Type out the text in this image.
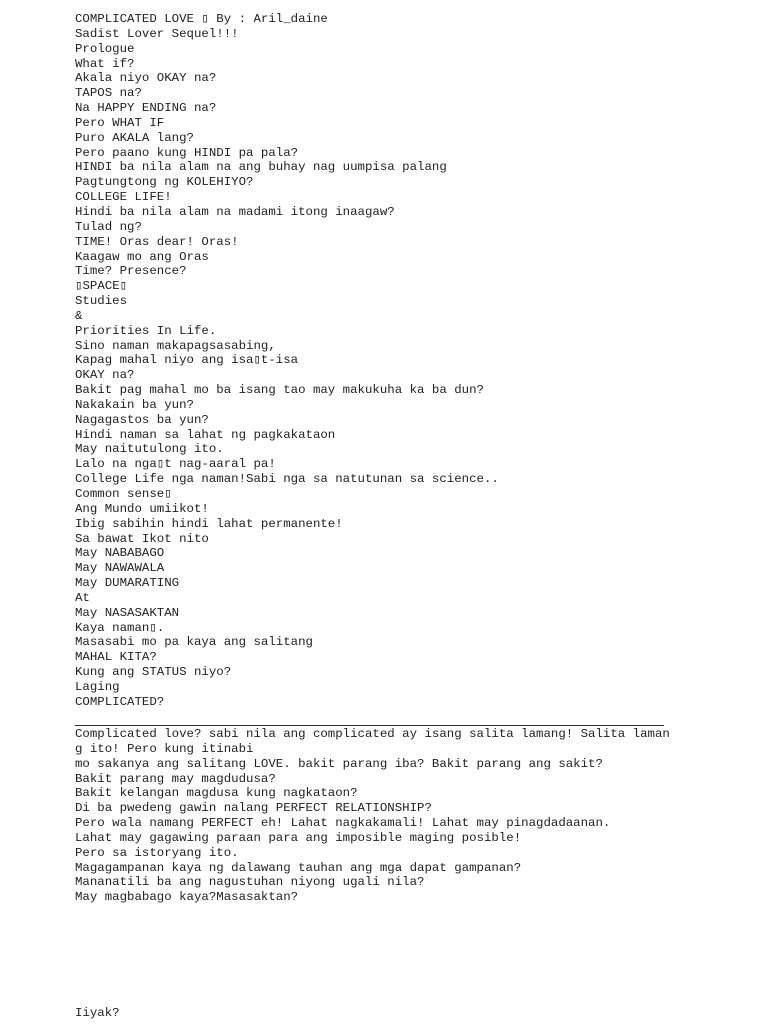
COMPLICATED LOVE ▯ By : Aril_daine
Sadist Lover Sequel!!!
Prologue
What if?
Akala niyo OKAY na?
TAPOS na?
Na HAPPY ENDING na?
Pero WHAT IF
Puro AKALA lang?
Pero paano kung HINDI pa pala?
HINDI ba nila alam na ang buhay nag uumpisa palang
Pagtungtong ng KOLEHIYO?
COLLEGE LIFE!
Hindi ba nila alam na madami itong inaagaw?
Tulad ng?
TIME! Oras dear! Oras!
Kaagaw mo ang Oras
Time? Presence?
▯SPACE▯
Studies
&
Priorities In Life.
Sino naman makapagsasabing,
Kapag mahal niyo ang isa▯t-isa
OKAY na?
Bakit pag mahal mo ba isang tao may makukuha ka ba dun?
Nakakain ba yun?
Nagagastos ba yun?
Hindi naman sa lahat ng pagkakataon
May naitutulong ito.
Lalo na nga▯t nag-aaral pa!
College Life nga naman!Sabi nga sa natutunan sa science..
Common sense▯
Ang Mundo umiikot!
Ibig sabihin hindi lahat permanente!
Sa bawat Ikot nito
May NABABAGO
May NAWAWALA
May DUMARATING
At
May NASASAKTAN
Kaya naman▯.
Masasabi mo pa kaya ang salitang
MAHAL KITA?
Kung ang STATUS niyo?
Laging
COMPLICATED?
Complicated love? sabi nila ang complicated ay isang salita lamang! Salita laman
g ito! Pero kung itinabi
mo sakanya ang salitang LOVE. bakit parang iba? Bakit parang ang sakit?
Bakit parang may magdudusa?
Bakit kelangan magdusa kung nagkataon?
Di ba pwedeng gawin nalang PERFECT RELATIONSHIP?
Pero wala namang PERFECT eh! Lahat nagkakamali! Lahat may pinagdadaanan.
Lahat may gagawing paraan para ang imposible maging posible!
Pero sa istoryang ito.
Magagampanan kaya ng dalawang tauhan ang mga dapat gampanan?
Mananatili ba ang nagustuhan niyong ugali nila?
May magbabago kaya?Masasaktan?
Iiyak?
